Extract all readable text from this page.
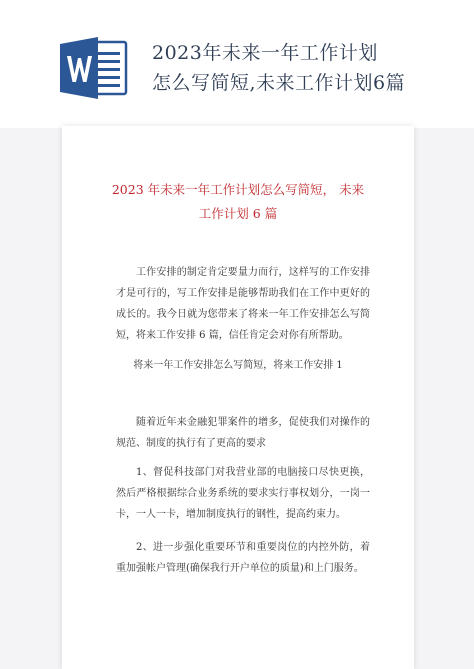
2023年未来一年工作计划
怎么写简短,未来工作计划6篇
2023 年未来一年工作计划怎么写简短， 未来
工作计划 6 篇
工作安排的制定肯定要量力而行，这样写的工作安排才是可行的，写工作安排是能够帮助我们在工作中更好的成长的。我今日就为您带来了将来一年工作安排怎么写简短，将来工作安排 6 篇，信任肯定会对你有所帮助。
将来一年工作安排怎么写简短，将来工作安排 1
随着近年来金融犯罪案件的增多，促使我们对操作的规范、制度的执行有了更高的要求
1、督促科技部门对我营业部的电脑接口尽快更换，然后严格根据综合业务系统的要求实行事权划分，一岗一卡，一人一卡，增加制度执行的钢性，提高约束力。
2、进一步强化重要环节和重要岗位的内控外防，着重加强帐户管理(确保我行开户单位的质量)和上门服务。
